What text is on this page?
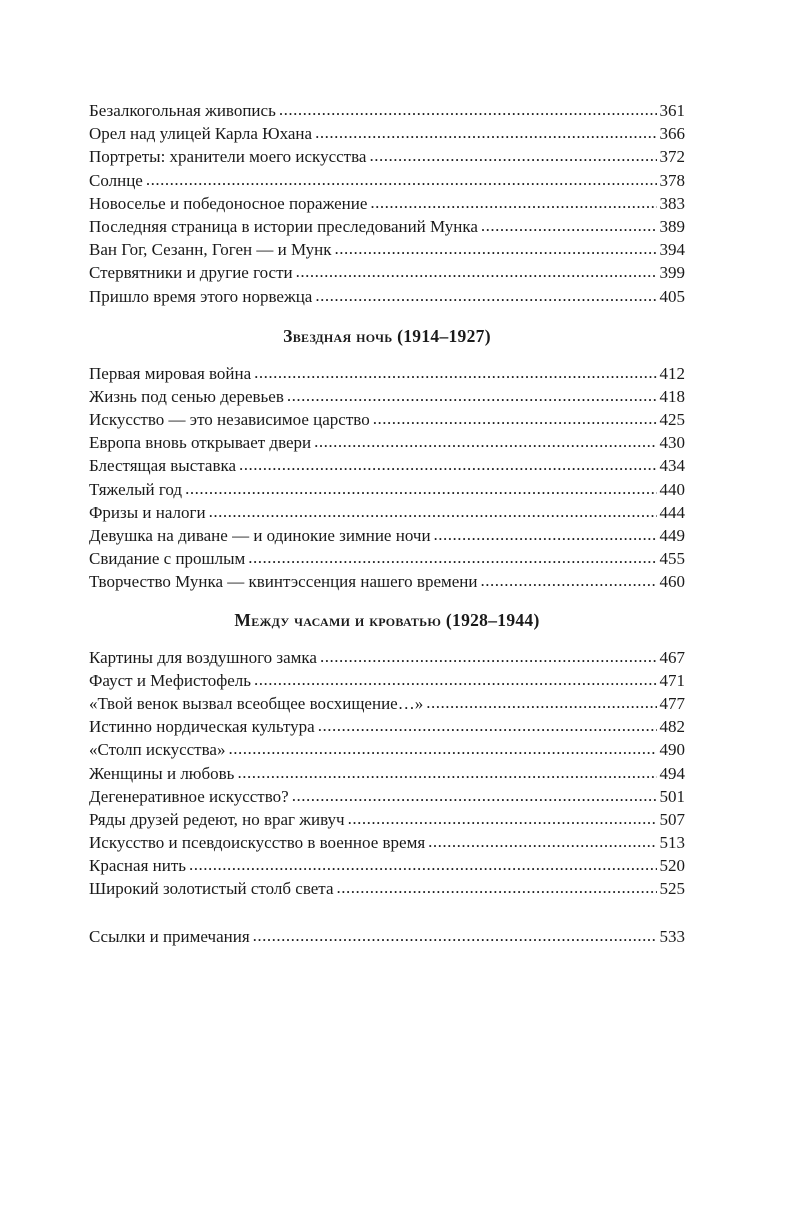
Безалкогольная живопись .....	361
Орел над улицей Карла Юхана .....	366
Портреты: хранители моего искусства .....	372
Солнце .....	378
Новоселье и победоносное поражение .....	383
Последняя страница в истории преследований Мунка .....	389
Ван Гог, Сезанн, Гоген — и Мунк .....	394
Стервятники и другие гости .....	399
Пришло время этого норвежца .....	405
Звездная ночь (1914–1927)
Первая мировая война .....	412
Жизнь под сенью деревьев .....	418
Искусство — это независимое царство .....	425
Европа вновь открывает двери .....	430
Блестящая выставка .....	434
Тяжелый год .....	440
Фризы и налоги .....	444
Девушка на диване — и одинокие зимние ночи .....	449
Свидание с прошлым .....	455
Творчество Мунка — квинтэссенция нашего времени .....	460
Между часами и кроватью (1928–1944)
Картины для воздушного замка .....	467
Фауст и Мефистофель .....	471
«Твой венок вызвал всеобщее восхищение…» .....	477
Истинно нордическая культура .....	482
«Столп искусства» .....	490
Женщины и любовь .....	494
Дегенеративное искусство? .....	501
Ряды друзей редеют, но враг живуч .....	507
Искусство и псевдоискусство в военное время .....	513
Красная нить .....	520
Широкий золотистый столб света .....	525
Ссылки и примечания .....	533
